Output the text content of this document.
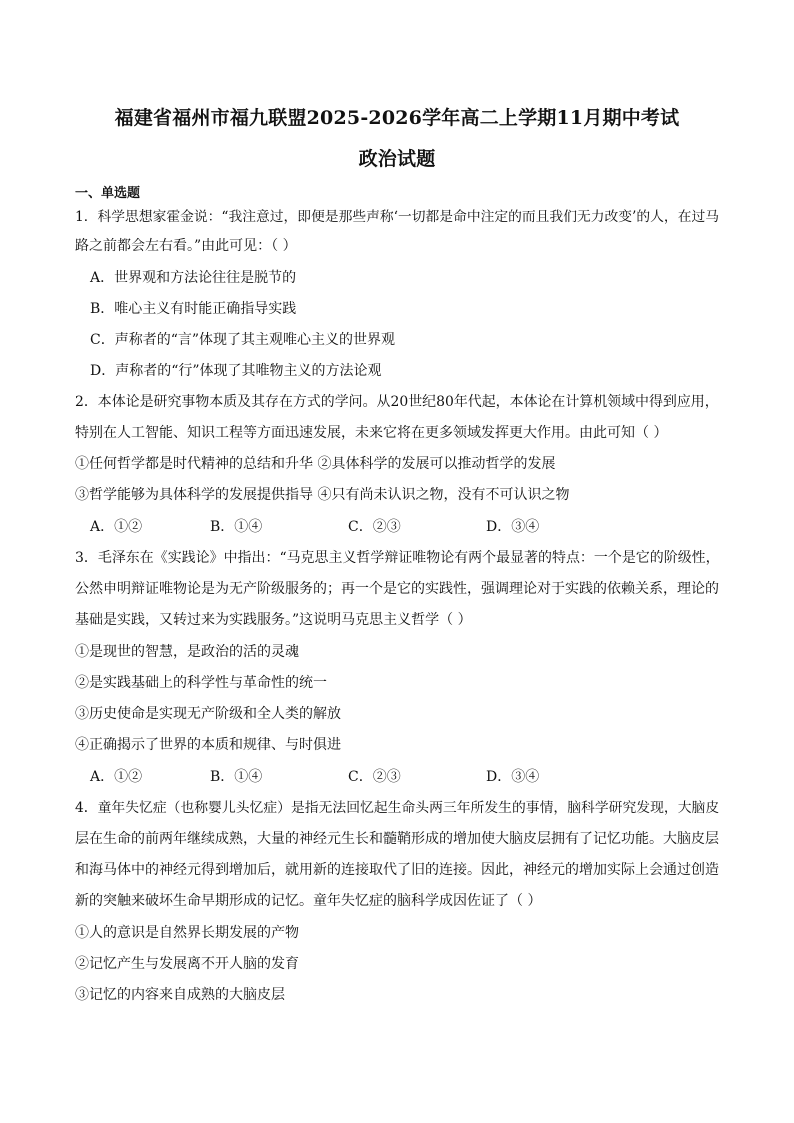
福建省福州市福九联盟2025-2026学年高二上学期11月期中考试
政治试题
一、单选题
1．科学思想家霍金说：“我注意过，即便是那些声称‘一切都是命中注定的而且我们无力改变’的人，在过马
路之前都会左右看。”由此可见：（ ）
A．世界观和方法论往往是脱节的
B．唯心主义有时能正确指导实践
C．声称者的“言”体现了其主观唯心主义的世界观
D．声称者的“行”体现了其唯物主义的方法论观
2．本体论是研究事物本质及其存在方式的学问。从20世纪80年代起，本体论在计算机领域中得到应用，
特别在人工智能、知识工程等方面迅速发展，未来它将在更多领域发挥更大作用。由此可知（ ）
①任何哲学都是时代精神的总结和升华 ②具体科学的发展可以推动哲学的发展
③哲学能够为具体科学的发展提供指导 ④只有尚未认识之物，没有不可认识之物
A．①②	B．①④	C．②③	D．③④
3．毛泽东在《实践论》中指出：“马克思主义哲学辩证唯物论有两个最显著的特点：一个是它的阶级性，
公然申明辩证唯物论是为无产阶级服务的；再一个是它的实践性，强调理论对于实践的依赖关系，理论的
基础是实践，又转过来为实践服务。”这说明马克思主义哲学（ ）
①是现世的智慧，是政治的活的灵魂
②是实践基础上的科学性与革命性的统一
③历史使命是实现无产阶级和全人类的解放
④正确揭示了世界的本质和规律、与时俱进
A．①②	B．①④	C．②③	D．③④
4．童年失忆症（也称婴儿头忆症）是指无法回忆起生命头两三年所发生的事情，脑科学研究发现，大脑皮
层在生命的前两年继续成熟，大量的神经元生长和髓鞘形成的增加使大脑皮层拥有了记忆功能。大脑皮层
和海马体中的神经元得到增加后，就用新的连接取代了旧的连接。因此，神经元的增加实际上会通过创造
新的突触来破坏生命早期形成的记忆。童年失忆症的脑科学成因佐证了（ ）
①人的意识是自然界长期发展的产物
②记忆产生与发展离不开人脑的发育
③记忆的内容来自成熟的大脑皮层
